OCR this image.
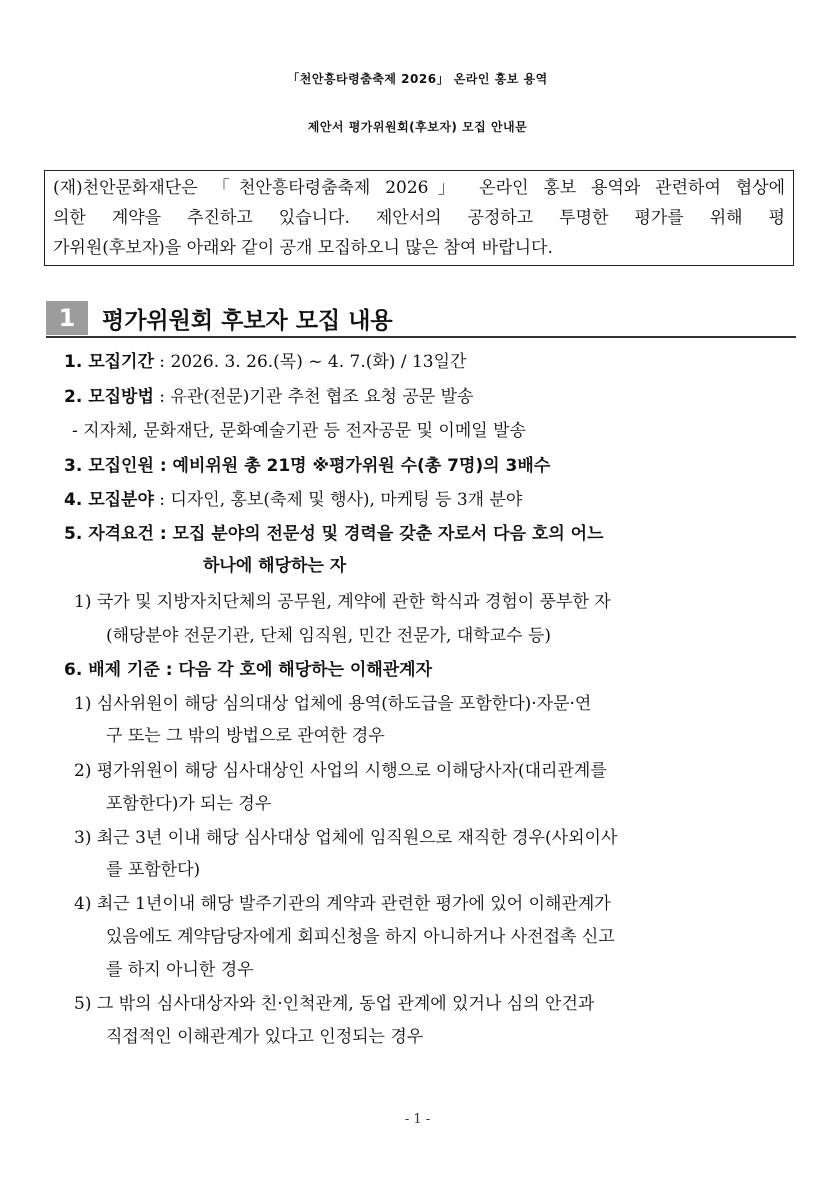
「천안흥타령춤축제 2026」 온라인 홍보 용역
제안서 평가위원회(후보자) 모집 안내문
(재)천안문화재단은 「천안흥타령춤축제 2026」 온라인 홍보 용역와 관련하여 협상에
의한 계약을 추진하고 있습니다. 제안서의 공정하고 투명한 평가를 위해 평
가위원(후보자)을 아래와 같이 공개 모집하오니 많은 참여 바랍니다.
1	평가위원회 후보자 모집 내용
1. 모집기간 : 2026. 3. 26.(목) ~ 4. 7.(화) / 13일간
2. 모집방법 : 유관(전문)기관 추천 협조 요청 공문 발송
- 지자체, 문화재단, 문화예술기관 등 전자공문 및 이메일 발송
3. 모집인원 : 예비위원 총 21명 ※평가위원 수(총 7명)의 3배수
4. 모집분야 : 디자인, 홍보(축제 및 행사), 마케팅 등 3개 분야
5. 자격요건 : 모집 분야의 전문성 및 경력을 갖춘 자로서 다음 호의 어느
하나에 해당하는 자
1) 국가 및 지방자치단체의 공무원, 계약에 관한 학식과 경험이 풍부한 자
(해당분야 전문기관, 단체 임직원, 민간 전문가, 대학교수 등)
6. 배제 기준 : 다음 각 호에 해당하는 이해관계자
1) 심사위원이 해당 심의대상 업체에 용역(하도급을 포함한다)·자문·연
구 또는 그 밖의 방법으로 관여한 경우
2) 평가위원이 해당 심사대상인 사업의 시행으로 이해당사자(대리관계를
포함한다)가 되는 경우
3) 최근 3년 이내 해당 심사대상 업체에 임직원으로 재직한 경우(사외이사
를 포함한다)
4) 최근 1년이내 해당 발주기관의 계약과 관련한 평가에 있어 이해관계가
있음에도 계약담당자에게 회피신청을 하지 아니하거나 사전접촉 신고
를 하지 아니한 경우
5) 그 밖의 심사대상자와 친·인척관계, 동업 관계에 있거나 심의 안건과
직접적인 이해관계가 있다고 인정되는 경우
- 1 -
